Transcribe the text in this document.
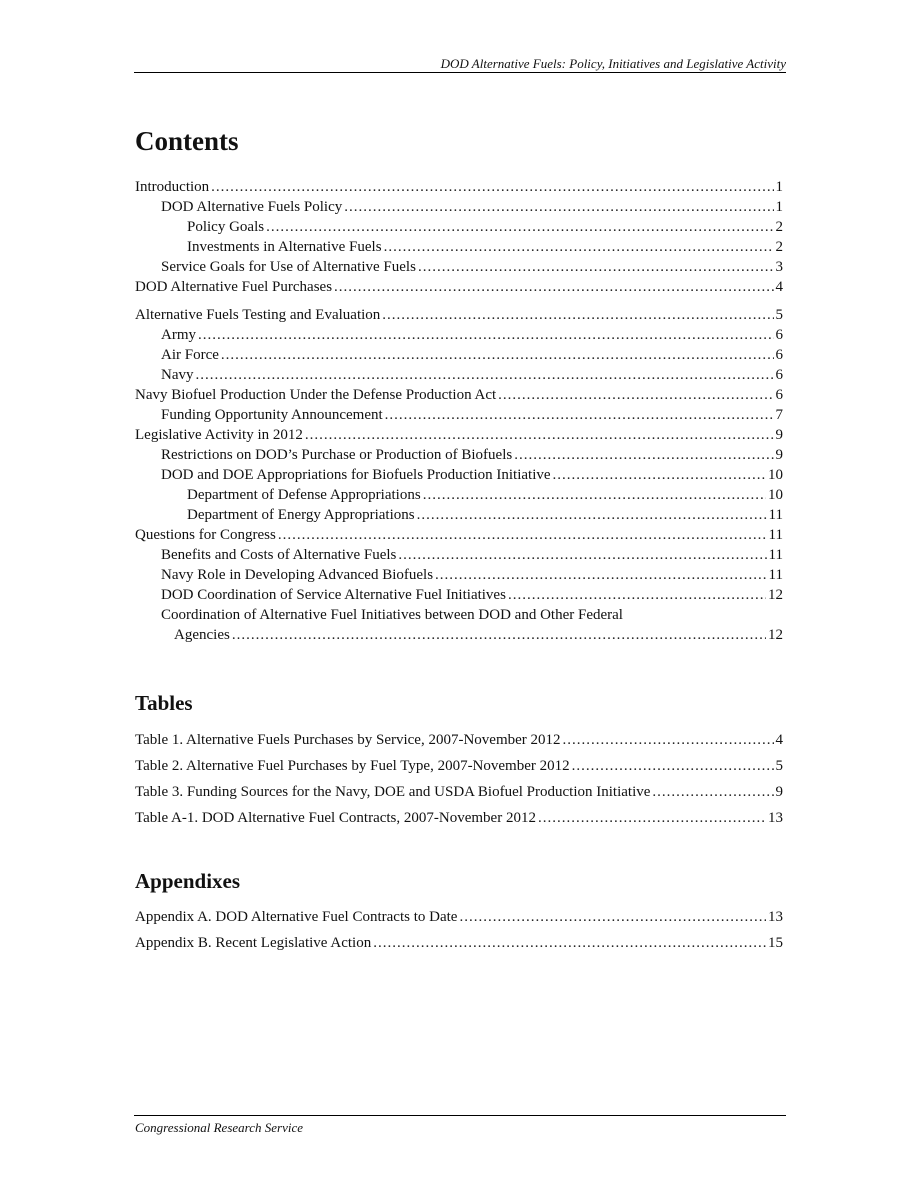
DOD Alternative Fuels: Policy, Initiatives and Legislative Activity
Contents
Introduction .....	1
DOD Alternative Fuels Policy .....	1
Policy Goals .....	2
Investments in Alternative Fuels .....	2
Service Goals for Use of Alternative Fuels .....	3
DOD Alternative Fuel Purchases .....	4
Alternative Fuels Testing and Evaluation .....	5
Army .....	6
Air Force .....	6
Navy .....	6
Navy Biofuel Production Under the Defense Production Act .....	6
Funding Opportunity Announcement .....	7
Legislative Activity in 2012 .....	9
Restrictions on DOD’s Purchase or Production of Biofuels .....	9
DOD and DOE Appropriations for Biofuels Production Initiative .....	10
Department of Defense Appropriations .....	10
Department of Energy Appropriations .....	11
Questions for Congress .....	11
Benefits and Costs of Alternative Fuels .....	11
Navy Role in Developing Advanced Biofuels .....	11
DOD Coordination of Service Alternative Fuel Initiatives .....	12
Coordination of Alternative Fuel Initiatives between DOD and Other Federal
Agencies .....	12
Tables
Table 1. Alternative Fuels Purchases by Service, 2007-November 2012 .....	4
Table 2. Alternative Fuel Purchases by Fuel Type, 2007-November 2012 .....	5
Table 3. Funding Sources for the Navy, DOE and USDA Biofuel Production Initiative .....	9
Table A-1. DOD Alternative Fuel Contracts, 2007-November 2012 .....	13
Appendixes
Appendix A. DOD Alternative Fuel Contracts to Date .....	13
Appendix B. Recent Legislative Action .....	15
Congressional Research Service
